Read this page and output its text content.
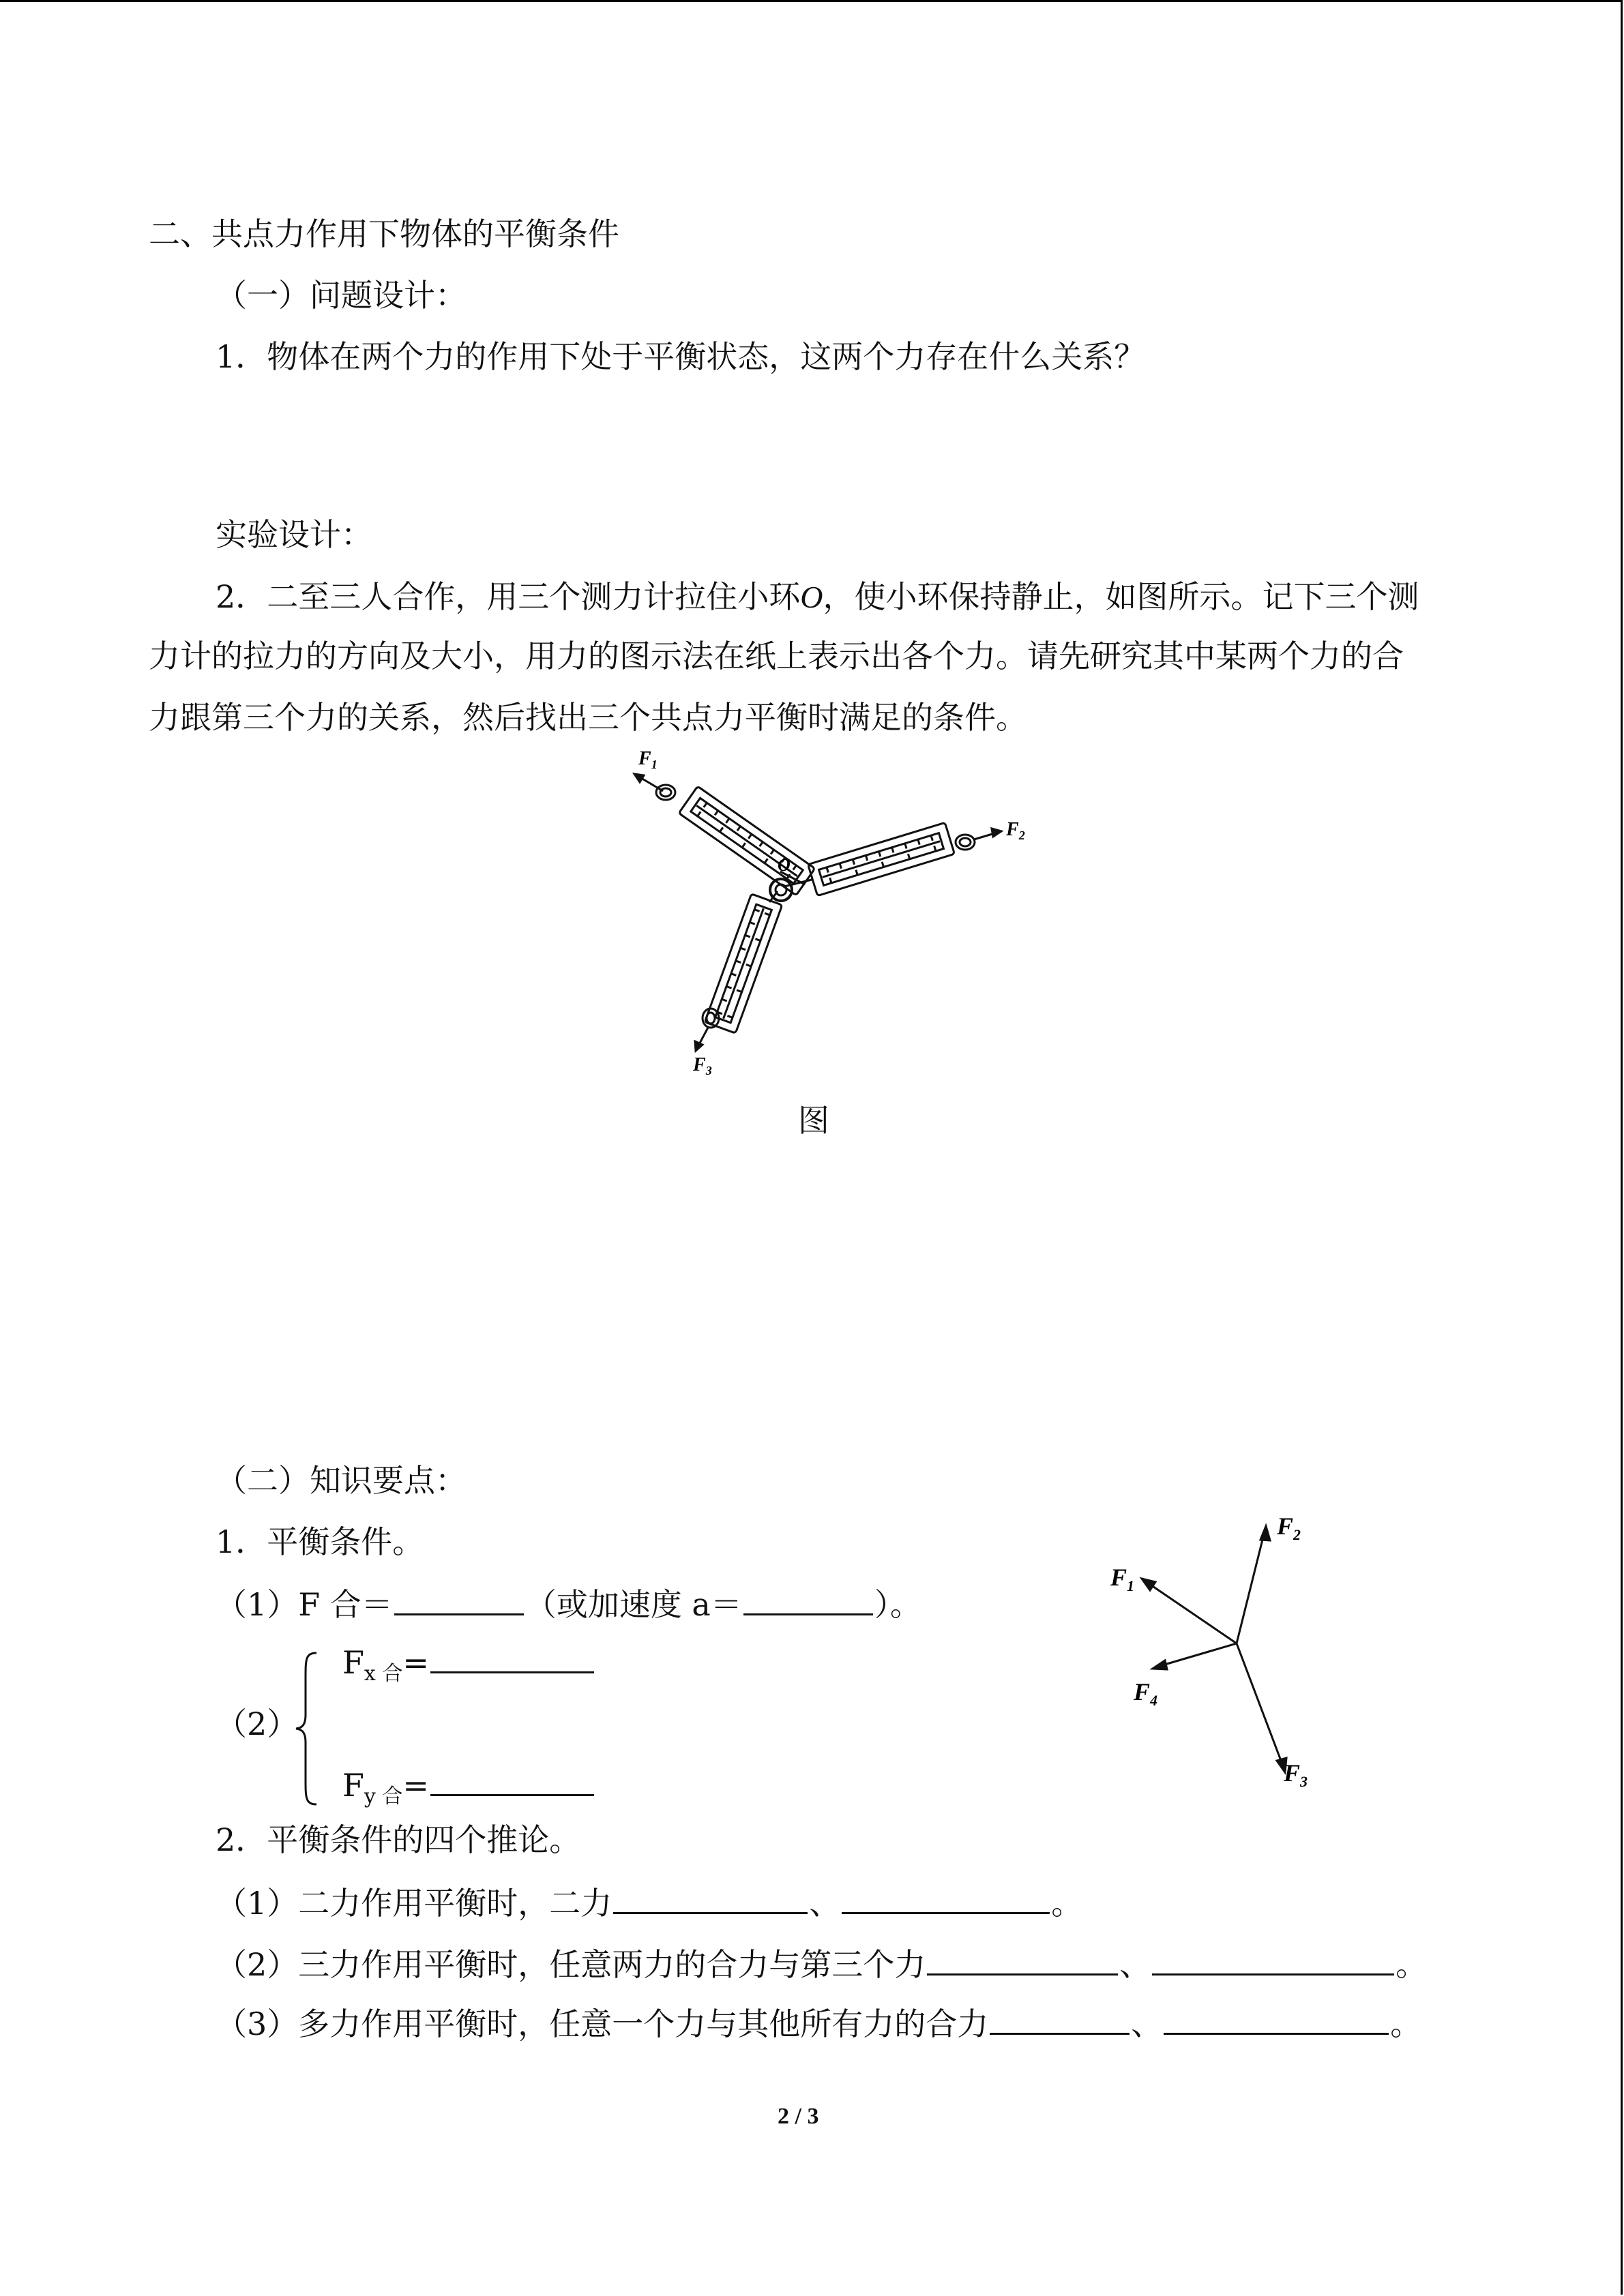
二、共点力作用下物体的平衡条件
（一）问题设计：
1．物体在两个力的作用下处于平衡状态，这两个力存在什么关系？
实验设计：
2．二至三人合作，用三个测力计拉住小环O，使小环保持静止，如图所示。记下三个测
力计的拉力的方向及大小，用力的图示法在纸上表示出各个力。请先研究其中某两个力的合
力跟第三个力的关系，然后找出三个共点力平衡时满足的条件。
$F_1$
$F_2$
$F_3$
O
图
（二）知识要点：
1．平衡条件。
（1）F 合＝	（或加速度 a＝	）。
（2）
$F_{x 合}=$
$F_{y 合}=$
2．平衡条件的四个推论。
（1）二力作用平衡时，二力	、	。
（2）三力作用平衡时，任意两力的合力与第三个力	、	。
（3）多力作用平衡时，任意一个力与其他所有力的合力	、	。
$F_2$
$F_1$
$F_4$
$F_3$
2 / 3
